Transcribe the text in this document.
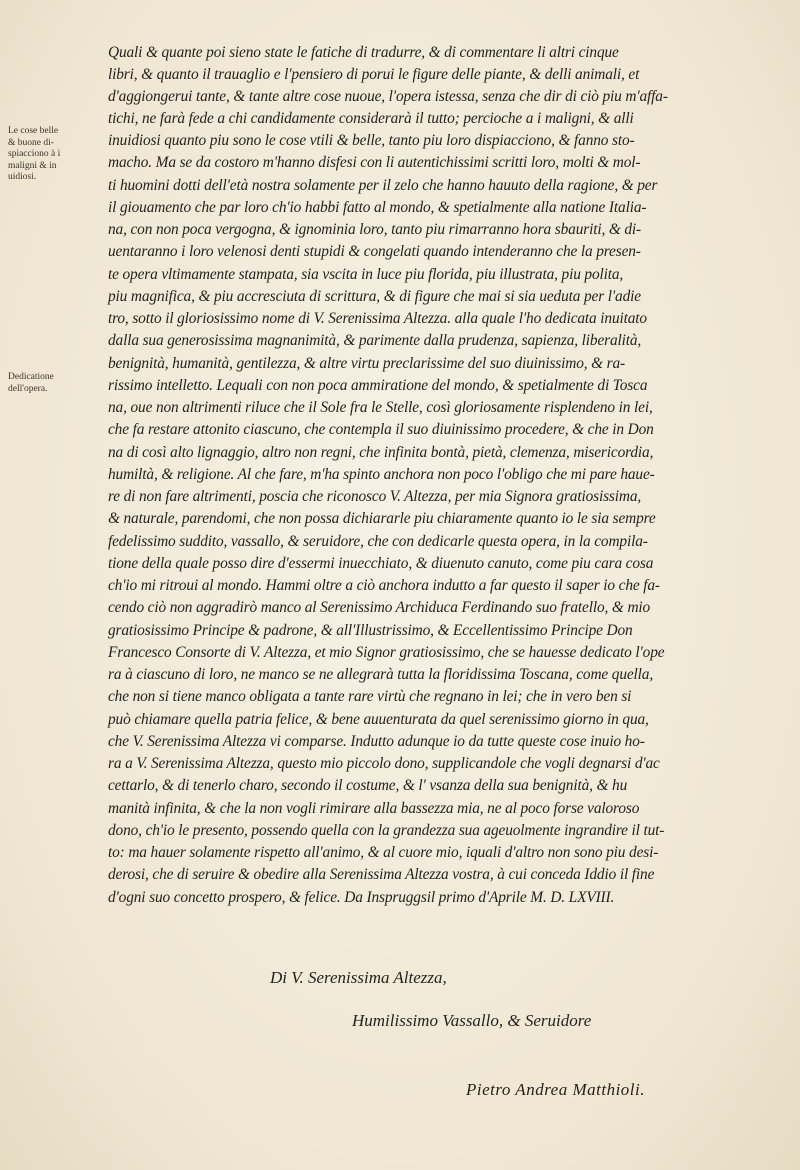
Le cose belle
& buone di-
spiacciono à i
maligni & in
uidiosi.
Dedicatione
dell'opera.
Quali & quante poi sieno state le fatiche di tradurre, & di commentare li altri cinque
libri, & quanto il trauaglio e l'pensiero di porui le figure delle piante, & delli animali, et
d'aggiongerui tante, & tante altre cose nuoue, l'opera istessa, senza che dir di ciò piu m'affa-
tichi, ne farà fede a chi candidamente considerarà il tutto; percioche a i maligni, & alli
inuidiosi quanto piu sono le cose vtili & belle, tanto piu loro dispiacciono, & fanno sto-
macho. Ma se da costoro m'hanno disfesi con li autentichissimi scritti loro, molti & mol-
ti huomini dotti dell'età nostra solamente per il zelo che hanno hauuto della ragione, & per
il giouamento che par loro ch'io habbi fatto al mondo, & spetialmente alla natione Italia-
na, con non poca vergogna, & ignominia loro, tanto piu rimarranno hora sbauriti, & di-
uentaranno i loro velenosi denti stupidi & congelati quando intenderanno che la presen-
te opera vltimamente stampata, sia vscita in luce piu florida, piu illustrata, piu polita,
piu magnifica, & piu accresciuta di scrittura, & di figure che mai si sia ueduta per l'adie
tro, sotto il gloriosissimo nome di V. Serenissima Altezza. alla quale l'ho dedicata inuitato
dalla sua generosissima magnanimità, & parimente dalla prudenza, sapienza, liberalità,
benignità, humanità, gentilezza, & altre virtu preclarissime del suo diuinissimo, & ra-
rissimo intelletto. Lequali con non poca ammiratione del mondo, & spetialmente di Tosca
na, oue non altrimenti riluce che il Sole fra le Stelle, così gloriosamente risplendeno in lei,
che fa restare attonito ciascuno, che contempla il suo diuinissimo procedere, & che in Don
na di così alto lignaggio, altro non regni, che infinita bontà, pietà, clemenza, misericordia,
humiltà, & religione. Al che fare, m'ha spinto anchora non poco l'obligo che mi pare haue-
re di non fare altrimenti, poscia che riconosco V. Altezza, per mia Signora gratiosissima,
& naturale, parendomi, che non possa dichiararle piu chiaramente quanto io le sia sempre
fedelissimo suddito, vassallo, & seruidore, che con dedicarle questa opera, in la compila-
tione della quale posso dire d'essermi inuecchiato, & diuenuto canuto, come piu cara cosa
ch'io mi ritroui al mondo. Hammi oltre a ciò anchora indutto a far questo il saper io che fa-
cendo ciò non aggradirò manco al Serenissimo Archiduca Ferdinando suo fratello, & mio
gratiosissimo Principe & padrone, & all'Illustrissimo, & Eccellentissimo Principe Don
Francesco Consorte di V. Altezza, et mio Signor gratiosissimo, che se hauesse dedicato l'ope
ra à ciascuno di loro, ne manco se ne allegrarà tutta la floridissima Toscana, come quella,
che non si tiene manco obligata a tante rare virtù che regnano in lei; che in vero ben si
può chiamare quella patria felice, & bene auuenturata da quel serenissimo giorno in qua,
che V. Serenissima Altezza vi comparse. Indutto adunque io da tutte queste cose inuio ho-
ra a V. Serenissima Altezza, questo mio piccolo dono, supplicandole che vogli degnarsi d'ac
cettarlo, & di tenerlo charo, secondo il costume, & l' vsanza della sua benignità, & hu
manità infinita, & che la non vogli rimirare alla bassezza mia, ne al poco forse valoroso
dono, ch'io le presento, possendo quella con la grandezza sua ageuolmente ingrandire il tut-
to: ma hauer solamente rispetto all'animo, & al cuore mio, iquali d'altro non sono piu desi-
derosi, che di seruire & obedire alla Serenissima Altezza vostra, à cui conceda Iddio il fine
d'ogni suo concetto prospero, & felice. Da Inspruggsil primo d'Aprile M. D. LXVIII.
Di V. Serenissima Altezza,
Humilissimo Vassallo, & Seruidore
Pietro Andrea Matthioli.
